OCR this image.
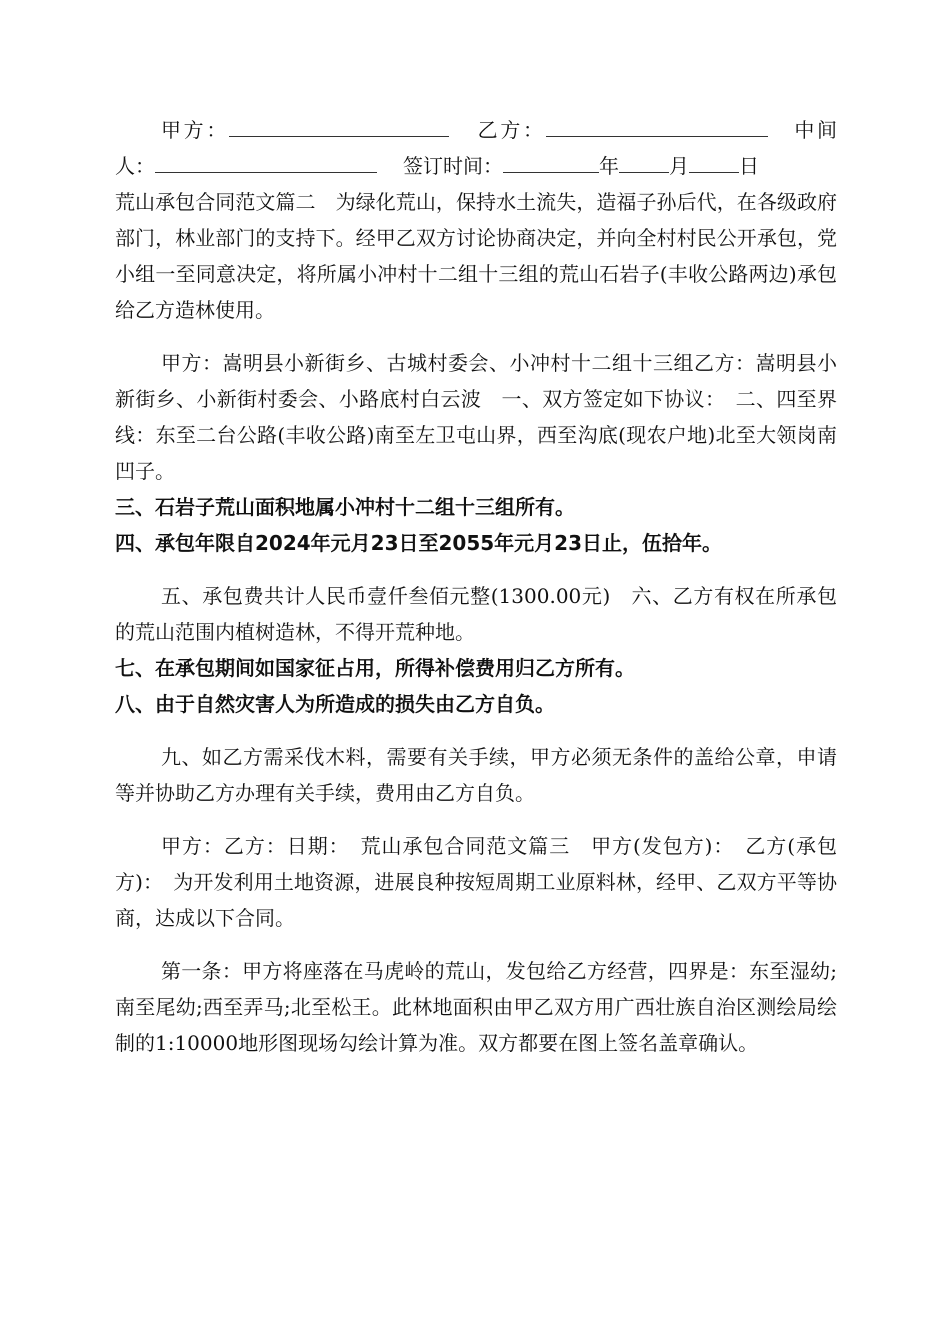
甲方：	乙方：	中间

人：	签订时间：	年	月	日

荒山承包合同范文篇二　为绿化荒山，保持水土流失，造福子孙后代，在各级政府部门，林业部门的支持下。经甲乙双方讨论协商决定，并向全村村民公开承包，党小组一至同意决定，将所属小冲村十二组十三组的荒山石岩子(丰收公路两边)承包给乙方造林使用。

甲方：嵩明县小新街乡、古城村委会、小冲村十二组十三组乙方：嵩明县小新街乡、小新街村委会、小路底村白云波　一、双方签定如下协议：　二、四至界线：东至二台公路(丰收公路)南至左卫屯山界，西至沟底(现农户地)北至大领岗南凹子。

三、石岩子荒山面积地属小冲村十二组十三组所有。

四、承包年限自2024年元月23日至2055年元月23日止，伍拾年。

五、承包费共计人民币壹仟叁佰元整(1300.00元)　六、乙方有权在所承包的荒山范围内植树造林，不得开荒种地。

七、在承包期间如国家征占用，所得补偿费用归乙方所有。

八、由于自然灾害人为所造成的损失由乙方自负。

九、如乙方需采伐木料，需要有关手续，甲方必须无条件的盖给公章，申请等并协助乙方办理有关手续，费用由乙方自负。

甲方：乙方：日期：　荒山承包合同范文篇三　甲方(发包方)：　乙方(承包方)：　为开发利用土地资源，进展良种按短周期工业原料林，经甲、乙双方平等协商，达成以下合同。

第一条：甲方将座落在马虎岭的荒山，发包给乙方经营，四界是：东至湿幼;南至尾幼;西至弄马;北至松王。此林地面积由甲乙双方用广西壮族自治区测绘局绘制的1:10000地形图现场勾绘计算为准。双方都要在图上签名盖章确认。
